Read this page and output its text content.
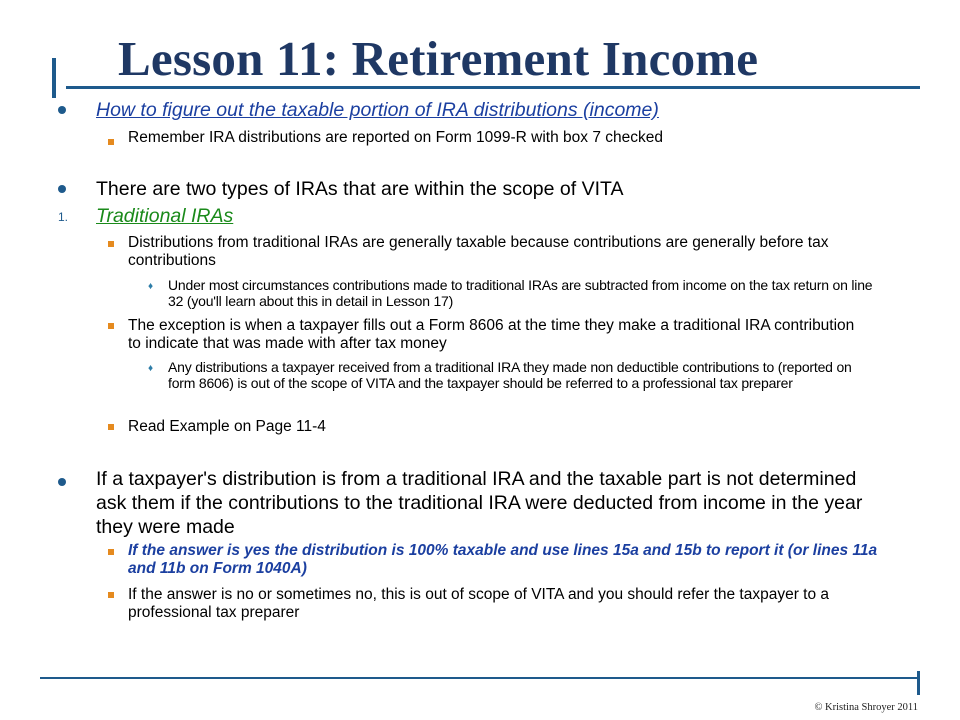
Lesson 11: Retirement Income

How to figure out the taxable portion of IRA distributions (income)

Remember IRA distributions are reported on Form 1099-R with box 7 checked

There are two types of IRAs that are within the scope of VITA

1. Traditional IRAs

Distributions from traditional IRAs are generally taxable because contributions are generally before tax contributions

♦ Under most circumstances contributions made to traditional IRAs are subtracted from income on the tax return on line 32 (you'll learn about this in detail in Lesson 17)

The exception is when a taxpayer fills out a Form 8606 at the time they make a traditional IRA contribution to indicate that was made with after tax money

♦ Any distributions a taxpayer received from a traditional IRA they made non deductible contributions to (reported on form 8606) is out of the scope of VITA and the taxpayer should be referred to a professional tax preparer

Read Example on Page 11-4

If a taxpayer's distribution is from a traditional IRA and the taxable part is not determined ask them if the contributions to the traditional IRA were deducted from income in the year they were made

If the answer is yes the distribution is 100% taxable and use lines 15a and 15b to report it (or lines 11a and 11b on Form 1040A)

If the answer is no or sometimes no, this is out of scope of VITA and you should refer the taxpayer to a professional tax preparer

© Kristina Shroyer 2011
